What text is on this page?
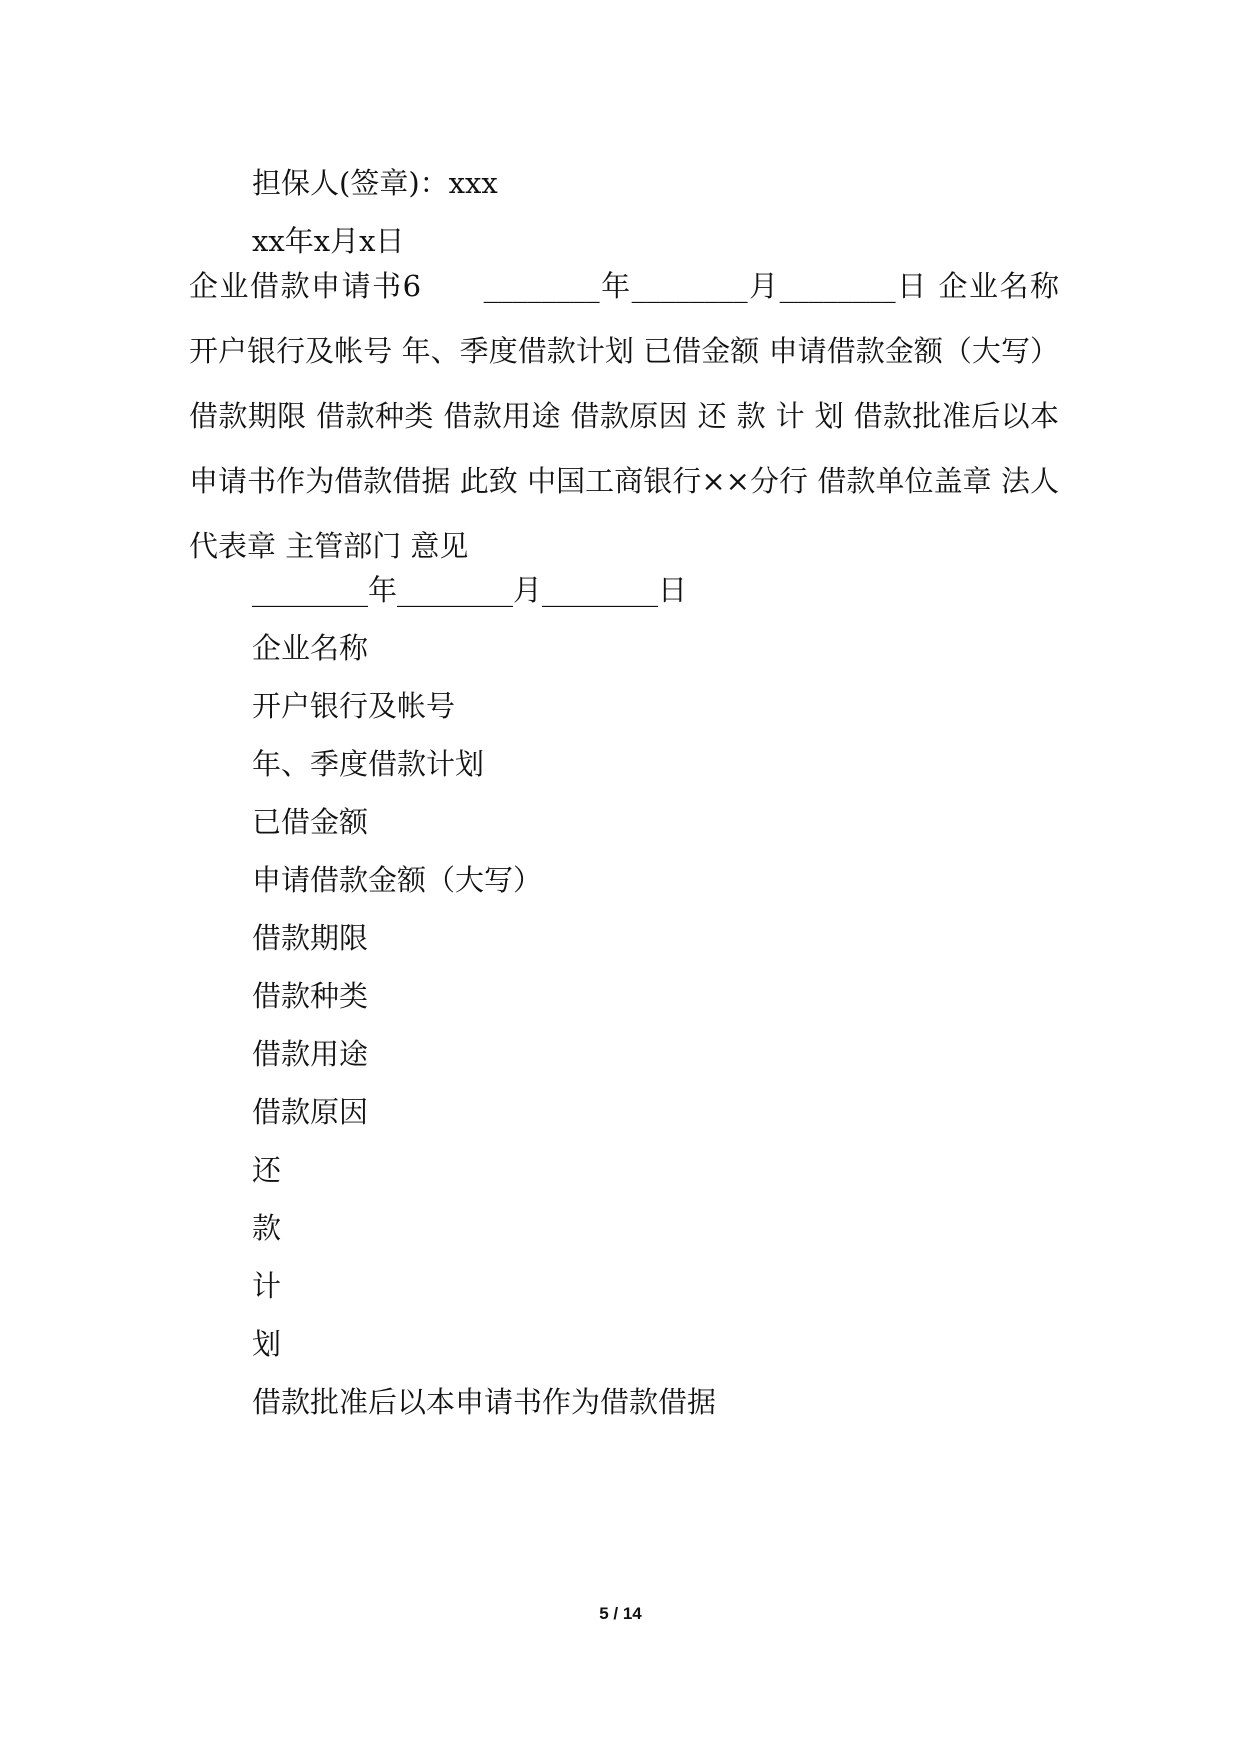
担保人(签章)：xxx
xx年x月x日
企业借款申请书6　　________年________月________日 企业名称 开户银行及帐号 年、季度借款计划 已借金额 申请借款金额（大写） 借款期限 借款种类 借款用途 借款原因 还 款 计 划 借款批准后以本申请书作为借款借据 此致 中国工商银行××分行 借款单位盖章 法人代表章 主管部门 意见
________年________月________日
企业名称
开户银行及帐号
年、季度借款计划
已借金额
申请借款金额（大写）
借款期限
借款种类
借款用途
借款原因
还
款
计
划
借款批准后以本申请书作为借款借据
5 / 14
